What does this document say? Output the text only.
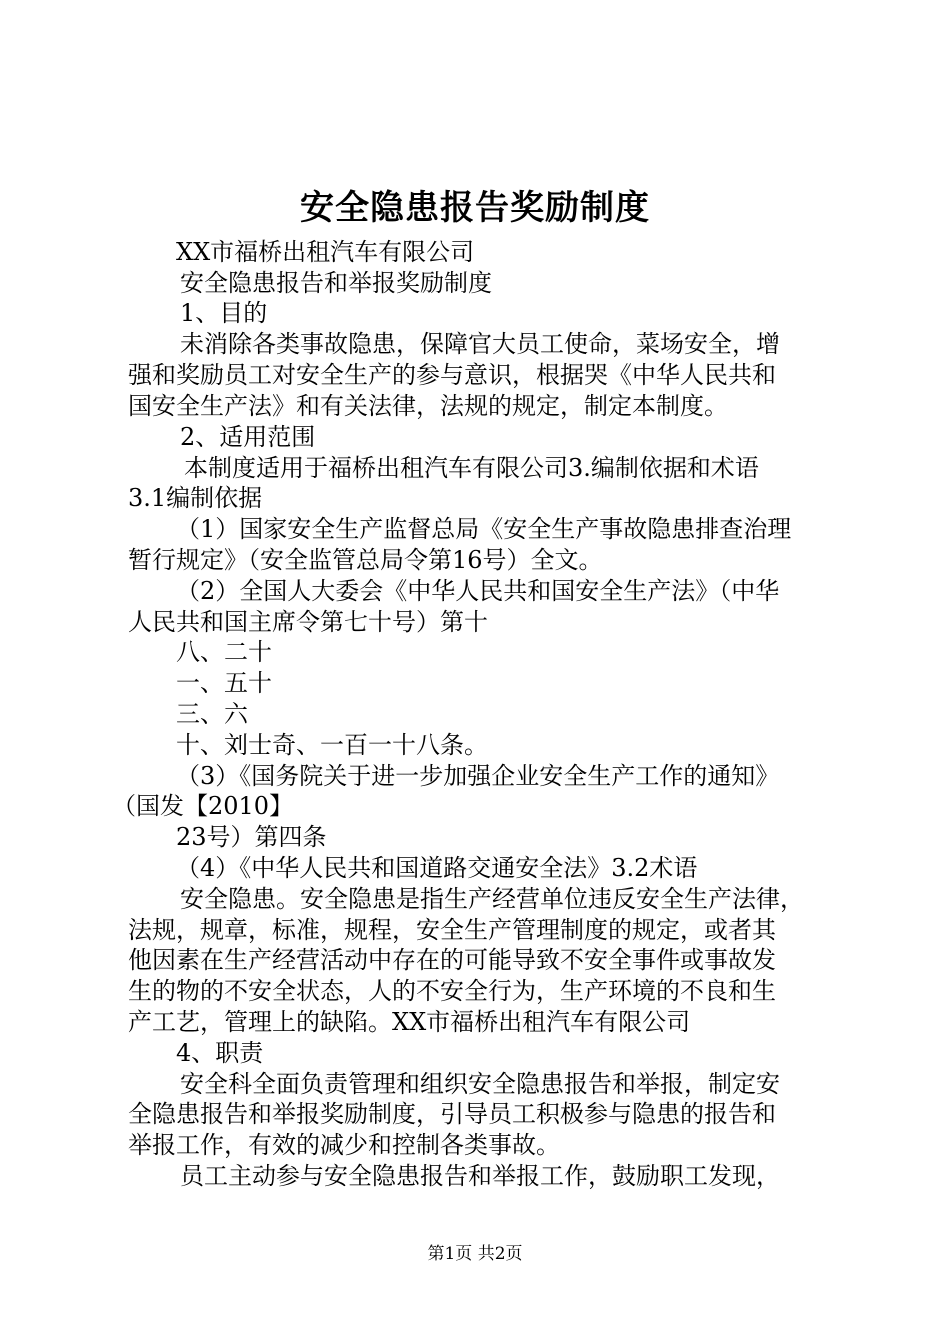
安全隐患报告奖励制度
XX市福桥出租汽车有限公司
安全隐患报告和举报奖励制度
1、目的
未消除各类事故隐患，保障官大员工使命，菜场安全，增
强和奖励员工对安全生产的参与意识，根据哭《中华人民共和
国安全生产法》和有关法律，法规的规定，制定本制度。
2、适用范围
本制度适用于福桥出租汽车有限公司3.编制依据和术语
3.1编制依据
（1）国家安全生产监督总局《安全生产事故隐患排查治理
暂行规定》（安全监管总局令第16号）全文。
（2）全国人大委会《中华人民共和国安全生产法》（中华
人民共和国主席令第七十号）第十
八、二十
一、五十
三、六
十、刘士奇、一百一十八条。
（3）《国务院关于进一步加强企业安全生产工作的通知》
（国发【2010】
23号）第四条
（4）《中华人民共和国道路交通安全法》3.2术语
安全隐患。安全隐患是指生产经营单位违反安全生产法律，
法规，规章，标准，规程，安全生产管理制度的规定，或者其
他因素在生产经营活动中存在的可能导致不安全事件或事故发
生的物的不安全状态，人的不安全行为，生产环境的不良和生
产工艺，管理上的缺陷。XX市福桥出租汽车有限公司
4、职责
安全科全面负责管理和组织安全隐患报告和举报，制定安
全隐患报告和举报奖励制度，引导员工积极参与隐患的报告和
举报工作，有效的减少和控制各类事故。
员工主动参与安全隐患报告和举报工作，鼓励职工发现，
第1页 共2页
